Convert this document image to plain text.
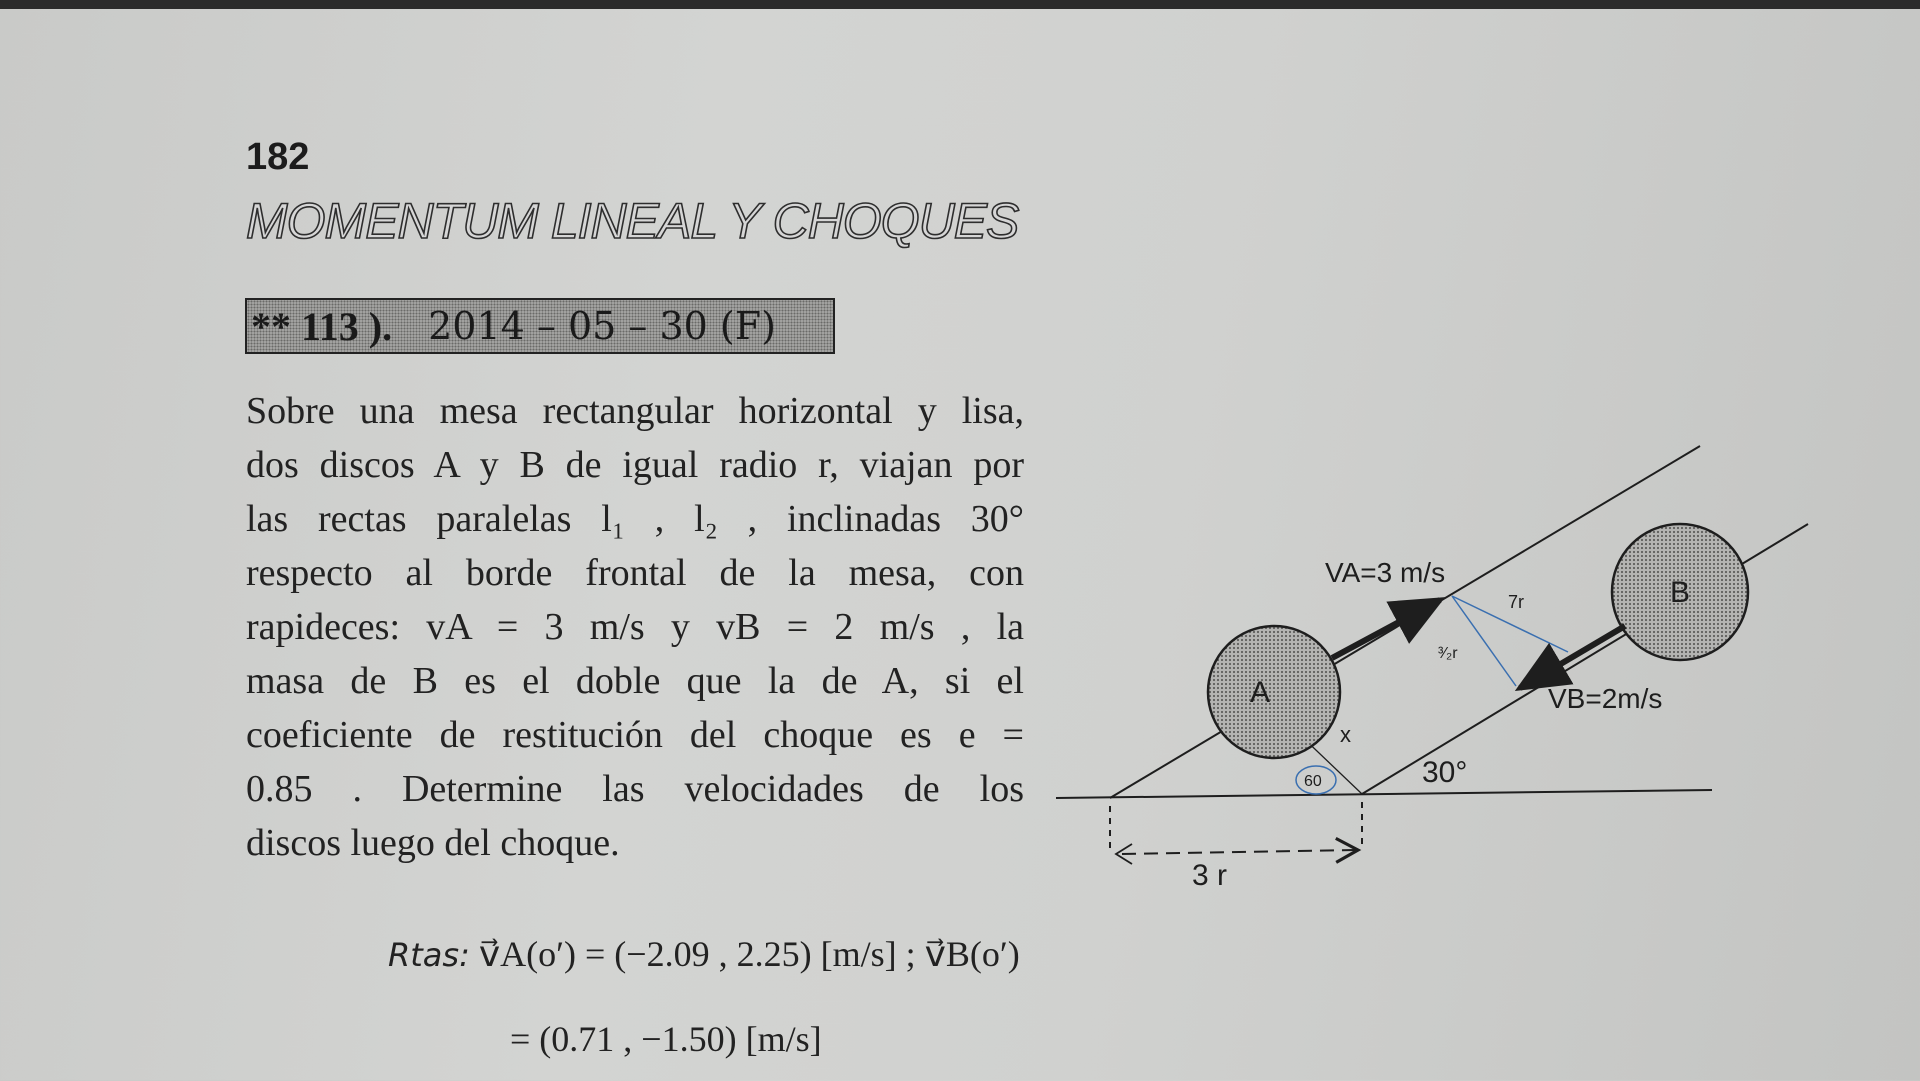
182
MOMENTUM LINEAL Y CHOQUES
** 113 ). 2014 – 05 – 30 (F)
Sobre una mesa rectangular horizontal y lisa,
dos discos A y B de igual radio r, viajan por
las rectas paralelas l₁ , l₂ , inclinadas 30°
respecto al borde frontal de la mesa, con
rapideces: vA = 3 m/s y vB = 2 m/s , la
masa de B es el doble que la de A, si el
coeficiente de restitución del choque es e =
0.85 . Determine las velocidades de los
discos luego del choque.
Rtas: v⃗A(o′) = (−2.09 , 2.25) [m/s] ; v⃗B(o′)
= (0.71 , −1.50) [m/s]
A
B
VA=3 m/s
VB=2m/s
30°
60
7r
³⁄₂r
x
3 r
